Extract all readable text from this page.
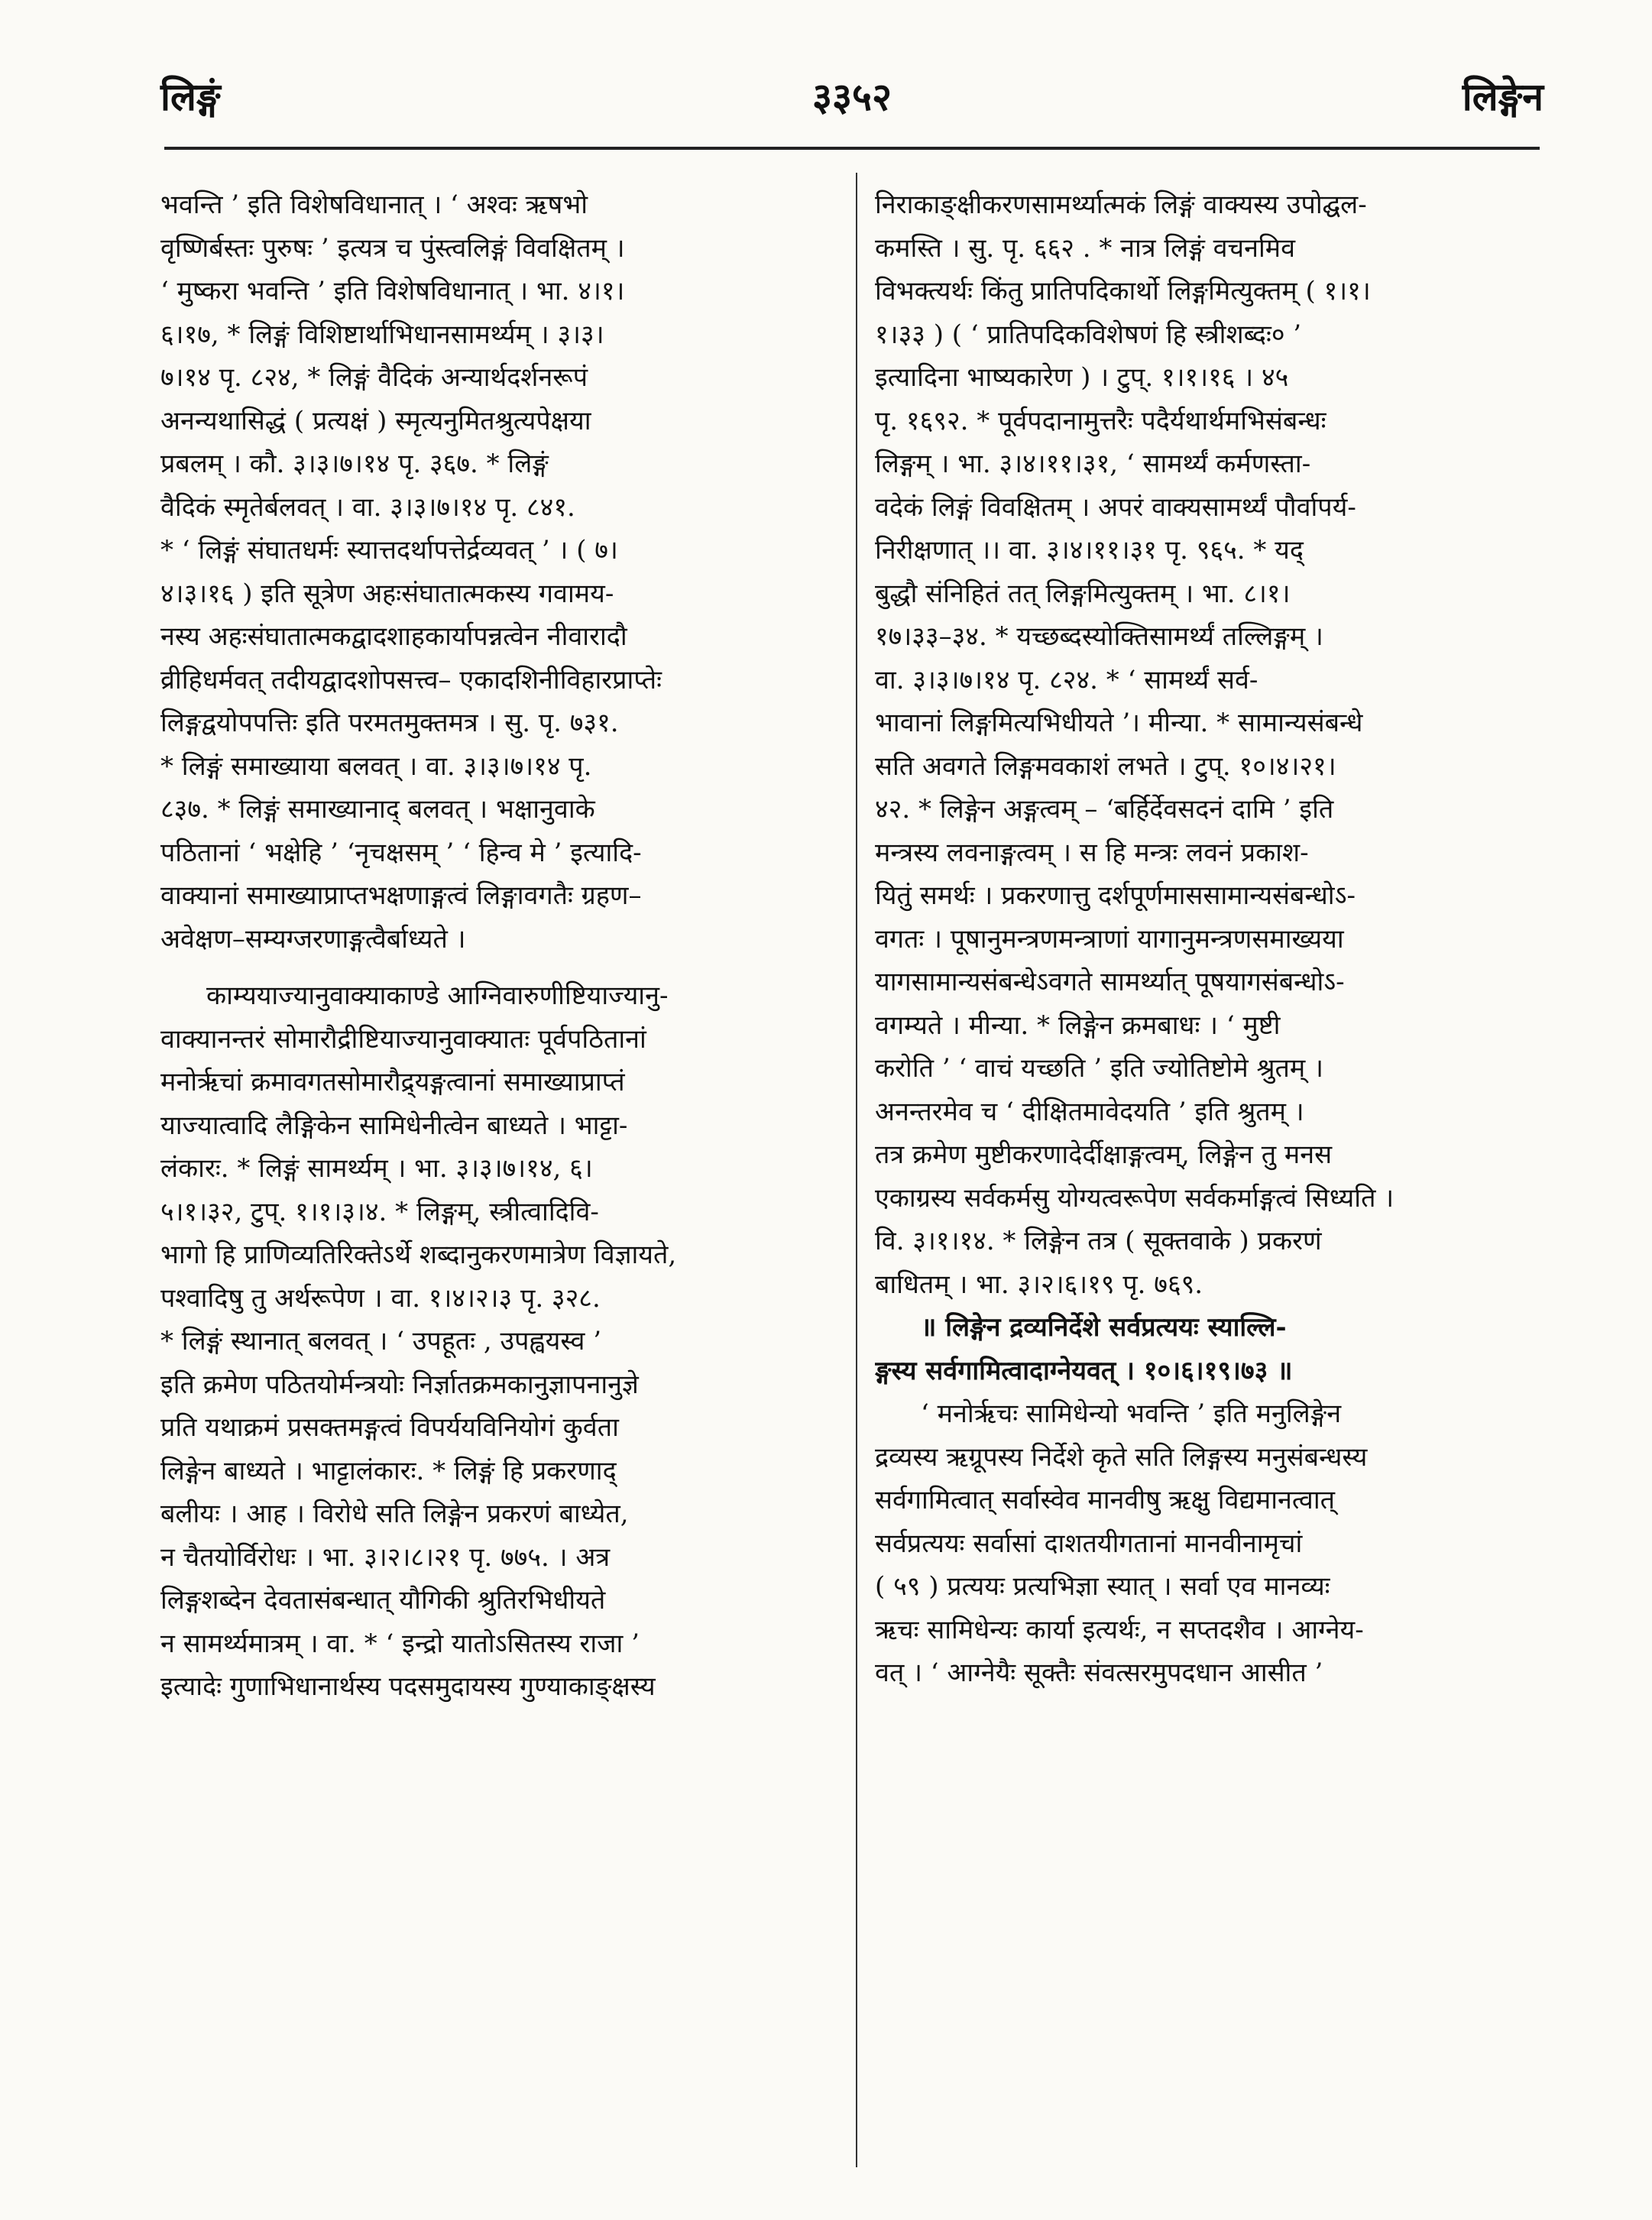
३३५२
लिङ्गं	लिङ्गेन
भवन्ति ’ इति विशेषविधानात् । ‘ अश्वः ऋषभो
वृष्णिर्बस्तः पुरुषः ’ इत्यत्र च पुंस्त्वलिङ्गं विवक्षितम् ।
‘ मुष्करा भवन्ति ’ इति विशेषविधानात् । भा. ४।१।
६।१७, * लिङ्गं विशिष्टार्थाभिधानसामर्थ्यम् । ३।३।
७।१४ पृ. ८२४, * लिङ्गं वैदिकं अन्यार्थदर्शनरूपं
अनन्यथासिद्धं ( प्रत्यक्षं ) स्मृत्यनुमितश्रुत्यपेक्षया
प्रबलम् । कौ. ३।३।७।१४ पृ. ३६७. * लिङ्गं
वैदिकं स्मृतेर्बलवत् । वा. ३।३।७।१४ पृ. ८४१.
* ‘ लिङ्गं संघातधर्मः स्यात्तदर्थापत्तेर्द्रव्यवत् ’ । ( ७।
४।३।१६ ) इति सूत्रेण अहःसंघातात्मकस्य गवामय-
नस्य अहःसंघातात्मकद्वादशाहकार्यापन्नत्वेन नीवारादौ
व्रीहिधर्मवत् तदीयद्वादशोपसत्त्व– एकादशिनीविहारप्राप्तेः
लिङ्गद्वयोपपत्तिः इति परमतमुक्तमत्र । सु. पृ. ७३१.
* लिङ्गं समाख्याया बलवत् । वा. ३।३।७।१४ पृ.
८३७. * लिङ्गं समाख्यानाद् बलवत् । भक्षानुवाके
पठितानां ‘ भक्षेहि ’ ‘नृचक्षसम् ’ ‘ हिन्व मे ’ इत्यादि-
वाक्यानां समाख्याप्राप्तभक्षणाङ्गत्वं लिङ्गावगतैः ग्रहण–
अवेक्षण–सम्यग्जरणाङ्गत्वैर्बाध्यते ।
काम्ययाज्यानुवाक्याकाण्डे आग्निवारुणीष्टियाज्यानु-
वाक्यानन्तरं सोमारौद्रीष्टियाज्यानुवाक्यातः पूर्वपठितानां
मनोर्ऋचां क्रमावगतसोमारौद्र्यङ्गत्वानां समाख्याप्राप्तं
याज्यात्वादि लैङ्गिकेन सामिधेनीत्वेन बाध्यते । भाट्टा-
लंकारः. * लिङ्गं सामर्थ्यम् । भा. ३।३।७।१४, ६।
५।१।३२, टुप्. १।१।३।४. * लिङ्गम्, स्त्रीत्वादिवि-
भागो हि प्राणिव्यतिरिक्तेऽर्थे शब्दानुकरणमात्रेण विज्ञायते,
पश्वादिषु तु अर्थरूपेण । वा. १।४।२।३ पृ. ३२८.
* लिङ्गं स्थानात् बलवत् । ‘ उपहूतः , उपह्वयस्व ’
इति क्रमेण पठितयोर्मन्त्रयोः निर्ज्ञातक्रमकानुज्ञापनानुज्ञे
प्रति यथाक्रमं प्रसक्तमङ्गत्वं विपर्ययविनियोगं कुर्वता
लिङ्गेन बाध्यते । भाट्टालंकारः. * लिङ्गं हि प्रकरणाद्
बलीयः । आह । विरोधे सति लिङ्गेन प्रकरणं बाध्येत,
न चैतयोर्विरोधः । भा. ३।२।८।२१ पृ. ७७५. । अत्र
लिङ्गशब्देन देवतासंबन्धात् यौगिकी श्रुतिरभिधीयते
न सामर्थ्यमात्रम् । वा. * ‘ इन्द्रो यातोऽसितस्य राजा ’
इत्यादेः गुणाभिधानार्थस्य पदसमुदायस्य गुण्याकाङ्क्षस्य
निराकाङ्क्षीकरणसामर्थ्यात्मकं लिङ्गं वाक्यस्य उपोद्घल-
कमस्ति । सु. पृ. ६६२ . * नात्र लिङ्गं वचनमिव
विभक्त्यर्थः किंतु प्रातिपदिकार्थो लिङ्गमित्युक्तम् ( १।१।
१।३३ ) ( ‘ प्रातिपदिकविशेषणं हि स्त्रीशब्दः० ’
इत्यादिना भाष्यकारेण ) । टुप्. १।१।१६ । ४५
पृ. १६९२. * पूर्वपदानामुत्तरैः पदैर्यथार्थमभिसंबन्धः
लिङ्गम् । भा. ३।४।११।३१, ‘ सामर्थ्यं कर्मणस्ता-
वदेकं लिङ्गं विवक्षितम् । अपरं वाक्यसामर्थ्यं पौर्वापर्य-
निरीक्षणात् ।। वा. ३।४।११।३१ पृ. ९६५. * यद्
बुद्धौ संनिहितं तत् लिङ्गमित्युक्तम् । भा. ८।१।
१७।३३–३४. * यच्छब्दस्योक्तिसामर्थ्यं तल्लिङ्गम् ।
वा. ३।३।७।१४ पृ. ८२४. * ‘ सामर्थ्यं सर्व-
भावानां लिङ्गमित्यभिधीयते ’। मीन्या. * सामान्यसंबन्धे
सति अवगते लिङ्गमवकाशं लभते । टुप्. १०।४।२१।
४२. * लिङ्गेन अङ्गत्वम् – ‘बर्हिर्देवसदनं दामि ’ इति
मन्त्रस्य लवनाङ्गत्वम् । स हि मन्त्रः लवनं प्रकाश-
यितुं समर्थः । प्रकरणात्तु दर्शपूर्णमाससामान्यसंबन्धोऽ-
वगतः । पूषानुमन्त्रणमन्त्राणां यागानुमन्त्रणसमाख्यया
यागसामान्यसंबन्धेऽवगते सामर्थ्यात् पूषयागसंबन्धोऽ-
वगम्यते । मीन्या. * लिङ्गेन क्रमबाधः । ‘ मुष्टी
करोति ’ ‘ वाचं यच्छति ’ इति ज्योतिष्टोमे श्रुतम् ।
अनन्तरमेव च ‘ दीक्षितमावेदयति ’ इति श्रुतम् ।
तत्र क्रमेण मुष्टीकरणादेर्दीक्षाङ्गत्वम्, लिङ्गेन तु मनस
एकाग्रस्य सर्वकर्मसु योग्यत्वरूपेण सर्वकर्माङ्गत्वं सिध्यति ।
वि. ३।१।१४. * लिङ्गेन तत्र ( सूक्तवाके ) प्रकरणं
बाधितम् । भा. ३।२।६।१९ पृ. ७६९.
॥ लिङ्गेन द्रव्यनिर्देशे सर्वप्रत्ययः स्याल्लि-
ङ्गस्य सर्वगामित्वादाग्नेयवत् । १०।६।१९।७३ ॥
‘ मनोर्ऋचः सामिधेन्यो भवन्ति ’ इति मनुलिङ्गेन
द्रव्यस्य ऋग्रूपस्य निर्देशे कृते सति लिङ्गस्य मनुसंबन्धस्य
सर्वगामित्वात् सर्वास्वेव मानवीषु ऋक्षु विद्यमानत्वात्
सर्वप्रत्ययः सर्वासां दाशतयीगतानां मानवीनामृचां
( ५९ ) प्रत्ययः प्रत्यभिज्ञा स्यात् । सर्वा एव मानव्यः
ऋचः सामिधेन्यः कार्या इत्यर्थः, न सप्तदशैव । आग्नेय-
वत् । ‘ आग्नेयैः सूक्तैः संवत्सरमुपदधान आसीत ’
